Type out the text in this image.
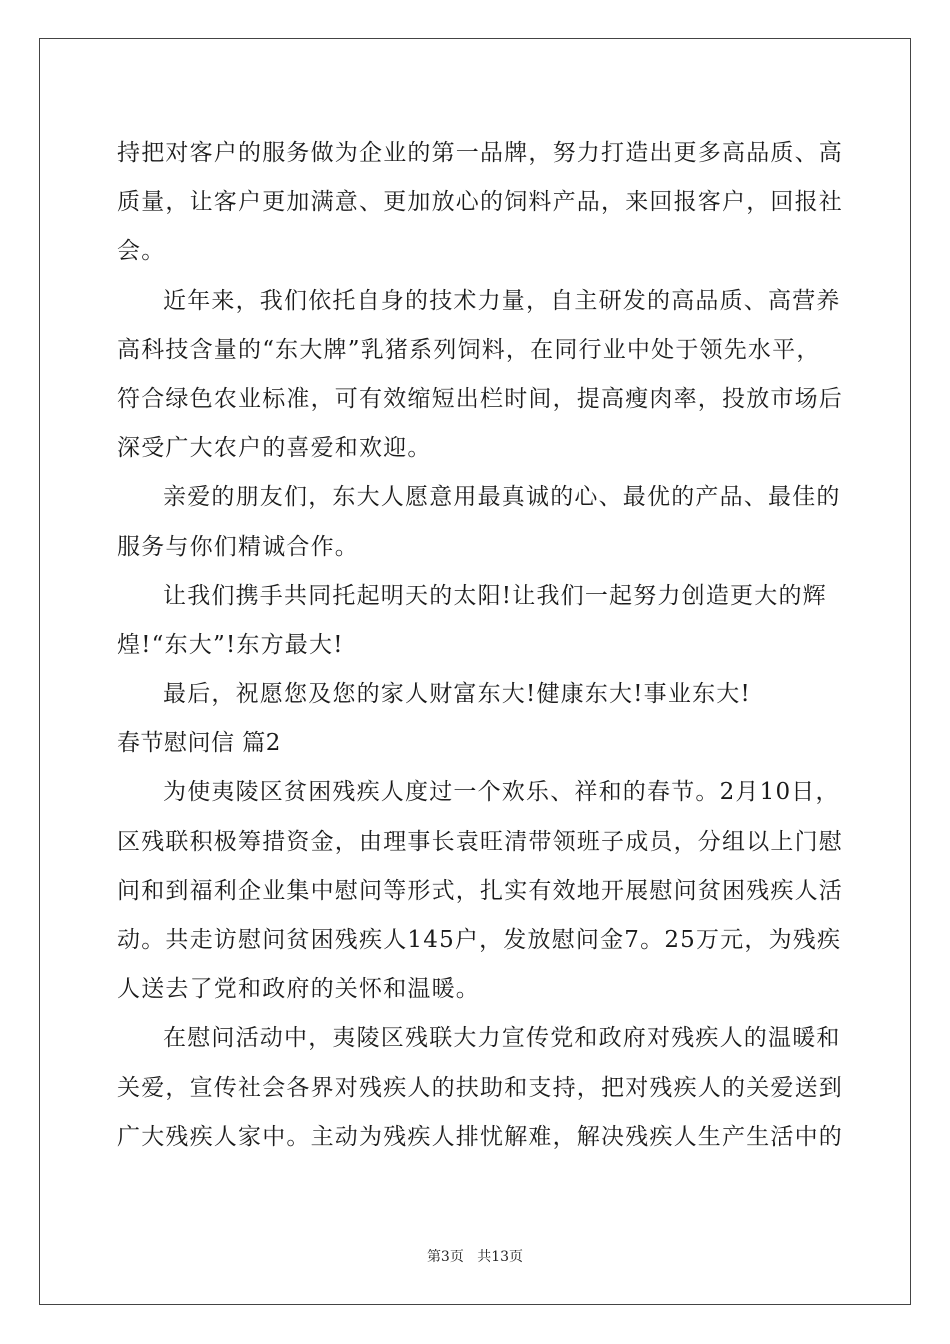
持把对客户的服务做为企业的第一品牌，努力打造出更多高品质、高
质量，让客户更加满意、更加放心的饲料产品，来回报客户，回报社
会。
近年来，我们依托自身的技术力量，自主研发的高品质、高营养
高科技含量的“东大牌”乳猪系列饲料，在同行业中处于领先水平，
符合绿色农业标准，可有效缩短出栏时间，提高瘦肉率，投放市场后
深受广大农户的喜爱和欢迎。
亲爱的朋友们，东大人愿意用最真诚的心、最优的产品、最佳的
服务与你们精诚合作。
让我们携手共同托起明天的太阳!让我们一起努力创造更大的辉
煌!“东大”!东方最大!
最后，祝愿您及您的家人财富东大!健康东大!事业东大!
春节慰问信 篇2
为使夷陵区贫困残疾人度过一个欢乐、祥和的春节。2月10日，
区残联积极筹措资金，由理事长袁旺清带领班子成员，分组以上门慰
问和到福利企业集中慰问等形式，扎实有效地开展慰问贫困残疾人活
动。共走访慰问贫困残疾人145户，发放慰问金7。25万元，为残疾
人送去了党和政府的关怀和温暖。
在慰问活动中，夷陵区残联大力宣传党和政府对残疾人的温暖和
关爱，宣传社会各界对残疾人的扶助和支持，把对残疾人的关爱送到
广大残疾人家中。主动为残疾人排忧解难，解决残疾人生产生活中的
第3页 共13页
